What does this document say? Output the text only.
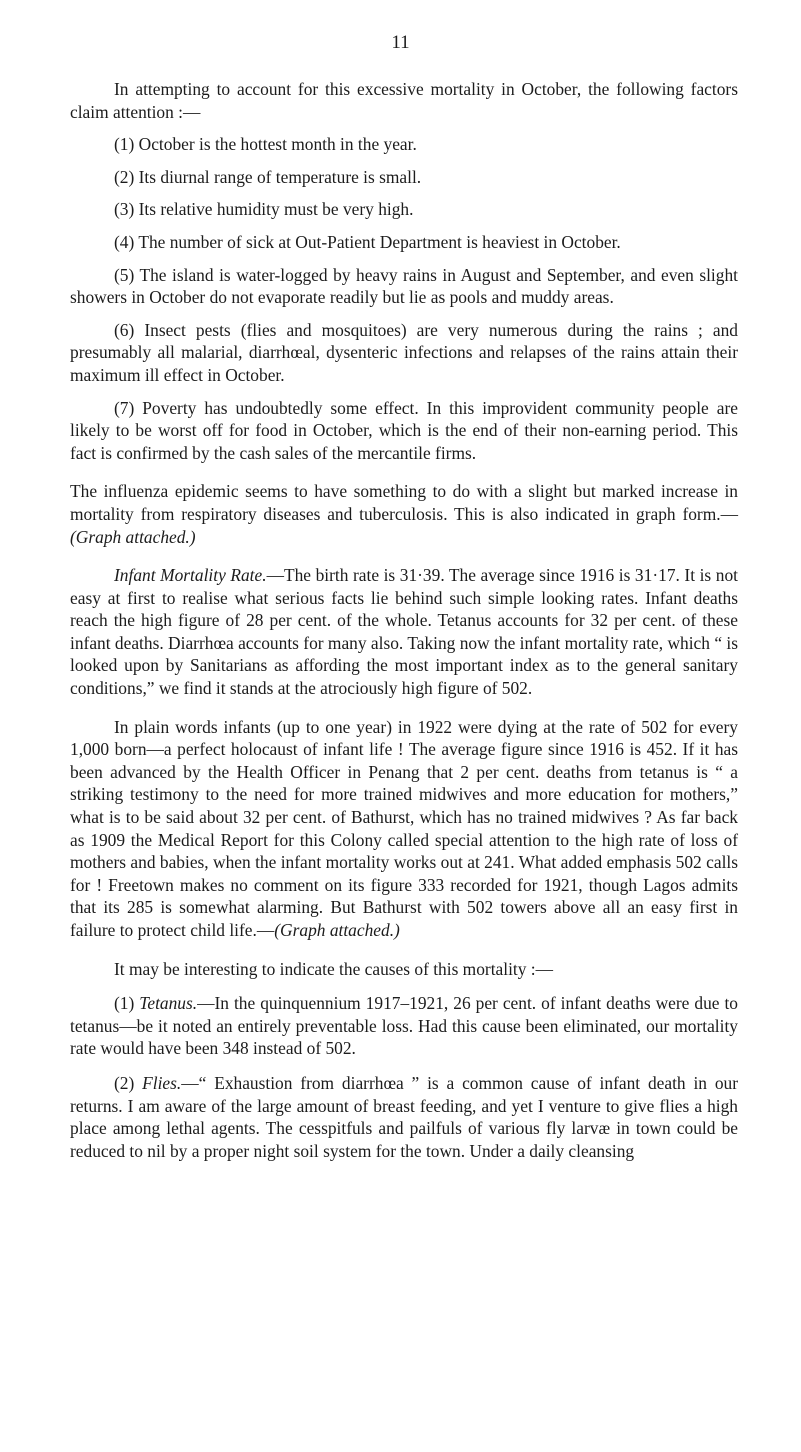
11

In attempting to account for this excessive mortality in October, the following factors claim attention :—

(1) October is the hottest month in the year.

(2) Its diurnal range of temperature is small.

(3) Its relative humidity must be very high.

(4) The number of sick at Out-Patient Department is heaviest in October.

(5) The island is water-logged by heavy rains in August and September, and even slight showers in October do not evaporate readily but lie as pools and muddy areas.

(6) Insect pests (flies and mosquitoes) are very numerous during the rains ; and presumably all malarial, diarrhœal, dysenteric infections and relapses of the rains attain their maximum ill effect in October.

(7) Poverty has undoubtedly some effect. In this improvident community people are likely to be worst off for food in October, which is the end of their non-earning period. This fact is confirmed by the cash sales of the mercantile firms.

The influenza epidemic seems to have something to do with a slight but marked increase in mortality from respiratory diseases and tuberculosis. This is also indicated in graph form.—(Graph attached.)

Infant Mortality Rate.—The birth rate is 31·39. The average since 1916 is 31·17. It is not easy at first to realise what serious facts lie behind such simple looking rates. Infant deaths reach the high figure of 28 per cent. of the whole. Tetanus accounts for 32 per cent. of these infant deaths. Diarrhœa accounts for many also. Taking now the infant mortality rate, which “ is looked upon by Sanitarians as affording the most important index as to the general sanitary conditions,” we find it stands at the atrociously high figure of 502.

In plain words infants (up to one year) in 1922 were dying at the rate of 502 for every 1,000 born—a perfect holocaust of infant life ! The average figure since 1916 is 452. If it has been advanced by the Health Officer in Penang that 2 per cent. deaths from tetanus is “ a striking testimony to the need for more trained midwives and more education for mothers,” what is to be said about 32 per cent. of Bathurst, which has no trained midwives ? As far back as 1909 the Medical Report for this Colony called special attention to the high rate of loss of mothers and babies, when the infant mortality works out at 241. What added emphasis 502 calls for ! Freetown makes no comment on its figure 333 recorded for 1921, though Lagos admits that its 285 is somewhat alarming. But Bathurst with 502 towers above all an easy first in failure to protect child life.—(Graph attached.)

It may be interesting to indicate the causes of this mortality :—

(1) Tetanus.—In the quinquennium 1917–1921, 26 per cent. of infant deaths were due to tetanus—be it noted an entirely preventable loss. Had this cause been eliminated, our mortality rate would have been 348 instead of 502.

(2) Flies.—“ Exhaustion from diarrhœa ” is a common cause of infant death in our returns. I am aware of the large amount of breast feeding, and yet I venture to give flies a high place among lethal agents. The cesspitfuls and pailfuls of various fly larvæ in town could be reduced to nil by a proper night soil system for the town. Under a daily cleansing
